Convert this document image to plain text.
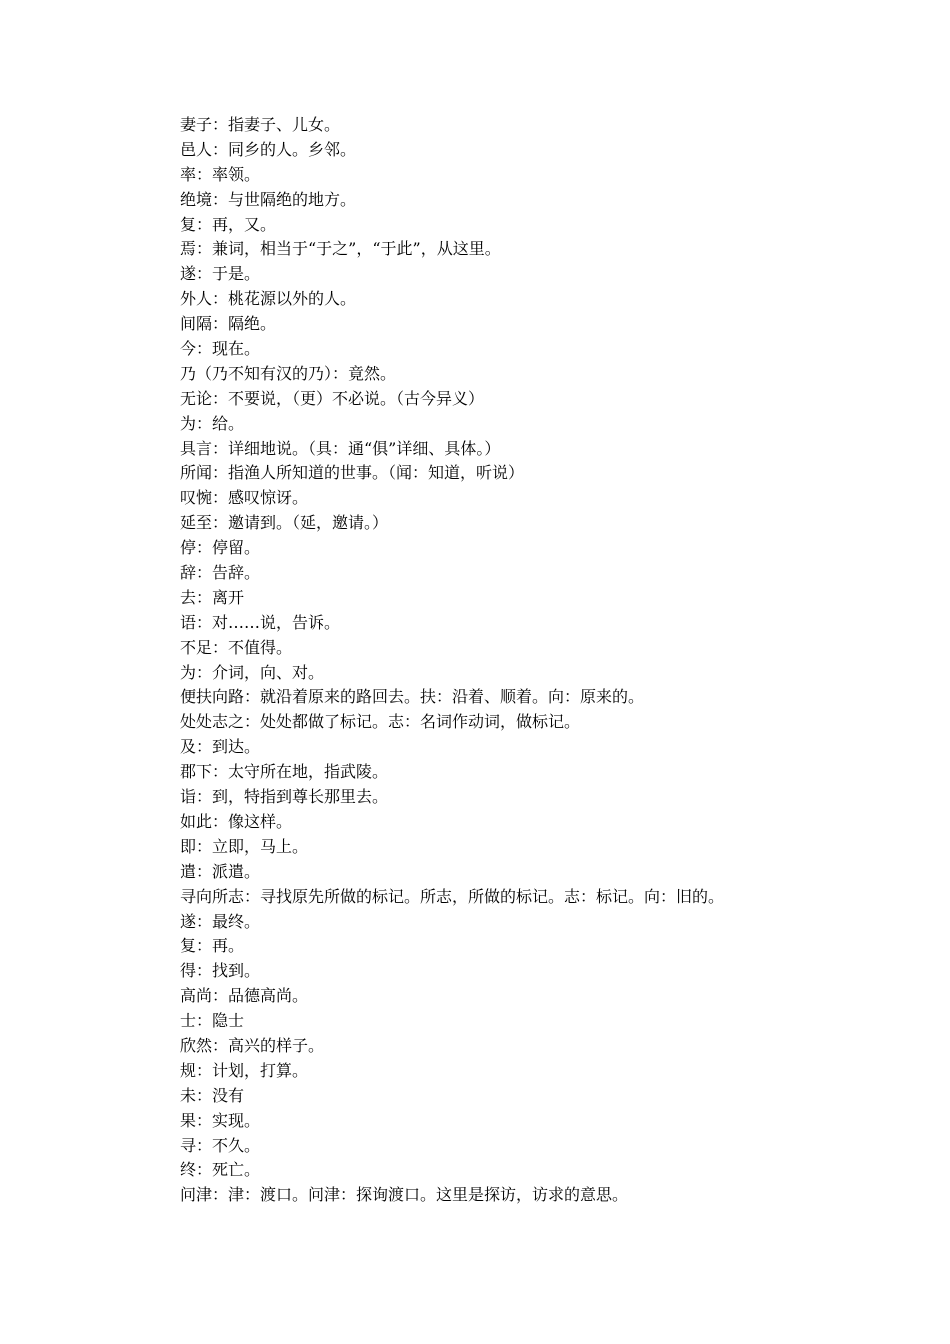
妻子：指妻子、儿女。
邑人：同乡的人。乡邻。
率：率领。
绝境：与世隔绝的地方。
复：再，又。
焉：兼词，相当于“于之”，“于此”，从这里。
遂：于是。
外人：桃花源以外的人。
间隔：隔绝。
今：现在。
乃（乃不知有汉的乃）：竟然。
无论：不要说，（更）不必说。（古今异义）
为：给。
具言：详细地说。（具：通“俱”详细、具体。）
所闻：指渔人所知道的世事。（闻：知道，听说）
叹惋：感叹惊讶。
延至：邀请到。（延，邀请。）
停：停留。
辞：告辞。
去：离开
语：对……说，告诉。
不足：不值得。
为：介词，向、对。
便扶向路：就沿着原来的路回去。扶：沿着、顺着。向：原来的。
处处志之：处处都做了标记。志：名词作动词，做标记。
及：到达。
郡下：太守所在地，指武陵。
诣：到，特指到尊长那里去。
如此：像这样。
即：立即，马上。
遣：派遣。
寻向所志：寻找原先所做的标记。所志，所做的标记。志：标记。向：旧的。
遂：最终。
复：再。
得：找到。
高尚：品德高尚。
士：隐士
欣然：高兴的样子。
规：计划，打算。
未：没有
果：实现。
寻：不久。
终：死亡。
问津：津：渡口。问津：探询渡口。这里是探访，访求的意思。
